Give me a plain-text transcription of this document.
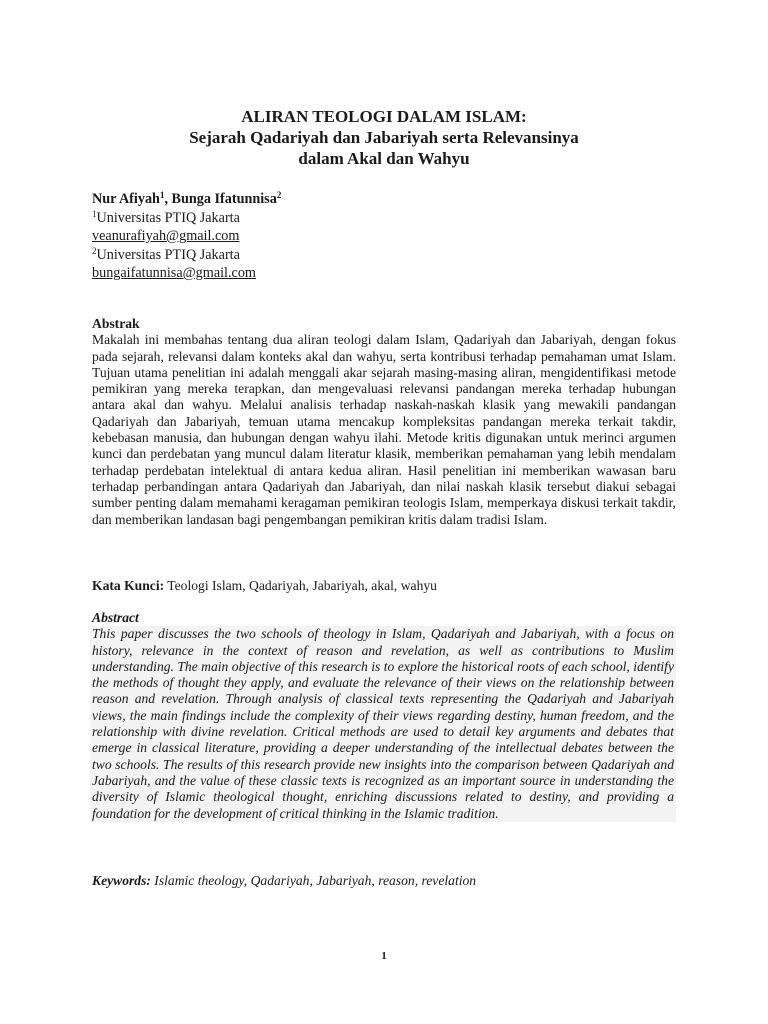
ALIRAN TEOLOGI DALAM ISLAM:
Sejarah Qadariyah dan Jabariyah serta Relevansinya
dalam Akal dan Wahyu
Nur Afiyah$^1$, Bunga Ifatunnisa$^2$
$^1$Universitas PTIQ Jakarta
veanurafiyah@gmail.com
$^2$Universitas PTIQ Jakarta
bungaifatunnisa@gmail.com
Abstrak

Makalah ini membahas tentang dua aliran teologi dalam Islam, Qadariyah dan Jabariyah, dengan fokus pada sejarah, relevansi dalam konteks akal dan wahyu, serta kontribusi terhadap pemahaman umat Islam. Tujuan utama penelitian ini adalah menggali akar sejarah masing-masing aliran, mengidentifikasi metode pemikiran yang mereka terapkan, dan mengevaluasi relevansi pandangan mereka terhadap hubungan antara akal dan wahyu. Melalui analisis terhadap naskah-naskah klasik yang mewakili pandangan Qadariyah dan Jabariyah, temuan utama mencakup kompleksitas pandangan mereka terkait takdir, kebebasan manusia, dan hubungan dengan wahyu ilahi. Metode kritis digunakan untuk merinci argumen kunci dan perdebatan yang muncul dalam literatur klasik, memberikan pemahaman yang lebih mendalam terhadap perdebatan intelektual di antara kedua aliran. Hasil penelitian ini memberikan wawasan baru terhadap perbandingan antara Qadariyah dan Jabariyah, dan nilai naskah klasik tersebut diakui sebagai sumber penting dalam memahami keragaman pemikiran teologis Islam, memperkaya diskusi terkait takdir, dan memberikan landasan bagi pengembangan pemikiran kritis dalam tradisi Islam.

Kata Kunci: Teologi Islam, Qadariyah, Jabariyah, akal, wahyu
Abstract

This paper discusses the two schools of theology in Islam, Qadariyah and Jabariyah, with a focus on history, relevance in the context of reason and revelation, as well as contributions to Muslim understanding. The main objective of this research is to explore the historical roots of each school, identify the methods of thought they apply, and evaluate the relevance of their views on the relationship between reason and revelation. Through analysis of classical texts representing the Qadariyah and Jabariyah views, the main findings include the complexity of their views regarding destiny, human freedom, and the relationship with divine revelation. Critical methods are used to detail key arguments and debates that emerge in classical literature, providing a deeper understanding of the intellectual debates between the two schools. The results of this research provide new insights into the comparison between Qadariyah and Jabariyah, and the value of these classic texts is recognized as an important source in understanding the diversity of Islamic theological thought, enriching discussions related to destiny, and providing a foundation for the development of critical thinking in the Islamic tradition.

Keywords: Islamic theology, Qadariyah, Jabariyah, reason, revelation
1
